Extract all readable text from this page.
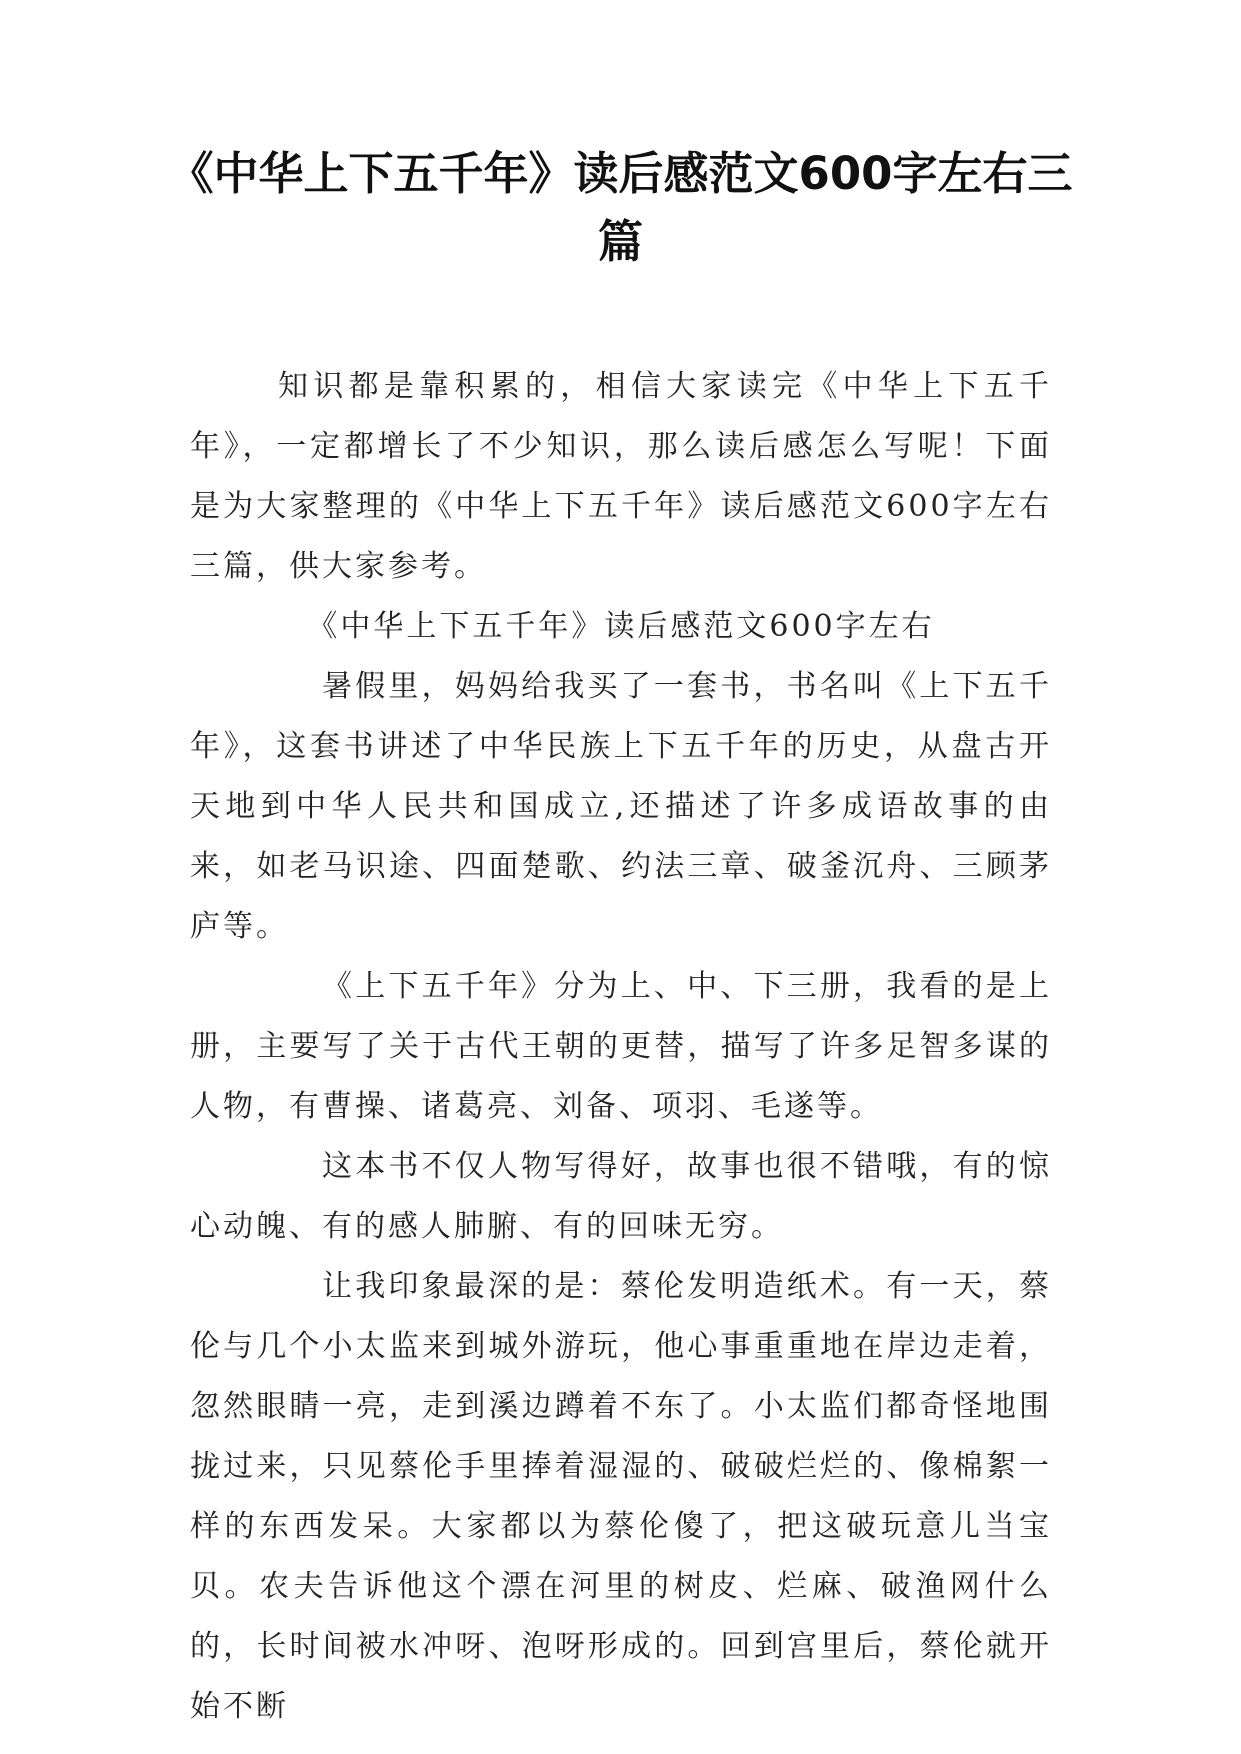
《中华上下五千年》读后感范文600字左右三篇

知识都是靠积累的，相信大家读完《中华上下五千年》，一定都增长了不少知识，那么读后感怎么写呢！下面是为大家整理的《中华上下五千年》读后感范文600字左右三篇，供大家参考。

《中华上下五千年》读后感范文600字左右

暑假里，妈妈给我买了一套书，书名叫《上下五千年》，这套书讲述了中华民族上下五千年的历史，从盘古开天地到中华人民共和国成立,还描述了许多成语故事的由来，如老马识途、四面楚歌、约法三章、破釜沉舟、三顾茅庐等。

《上下五千年》分为上、中、下三册，我看的是上册，主要写了关于古代王朝的更替，描写了许多足智多谋的人物，有曹操、诸葛亮、刘备、项羽、毛遂等。

这本书不仅人物写得好，故事也很不错哦，有的惊心动魄、有的感人肺腑、有的回味无穷。

让我印象最深的是：蔡伦发明造纸术。有一天，蔡伦与几个小太监来到城外游玩，他心事重重地在岸边走着，忽然眼睛一亮，走到溪边蹲着不东了。小太监们都奇怪地围拢过来，只见蔡伦手里捧着湿湿的、破破烂烂的、像棉絮一样的东西发呆。大家都以为蔡伦傻了，把这破玩意儿当宝贝。农夫告诉他这个漂在河里的树皮、烂麻、破渔网什么的，长时间被水冲呀、泡呀形成的。回到宫里后，蔡伦就开始不断
